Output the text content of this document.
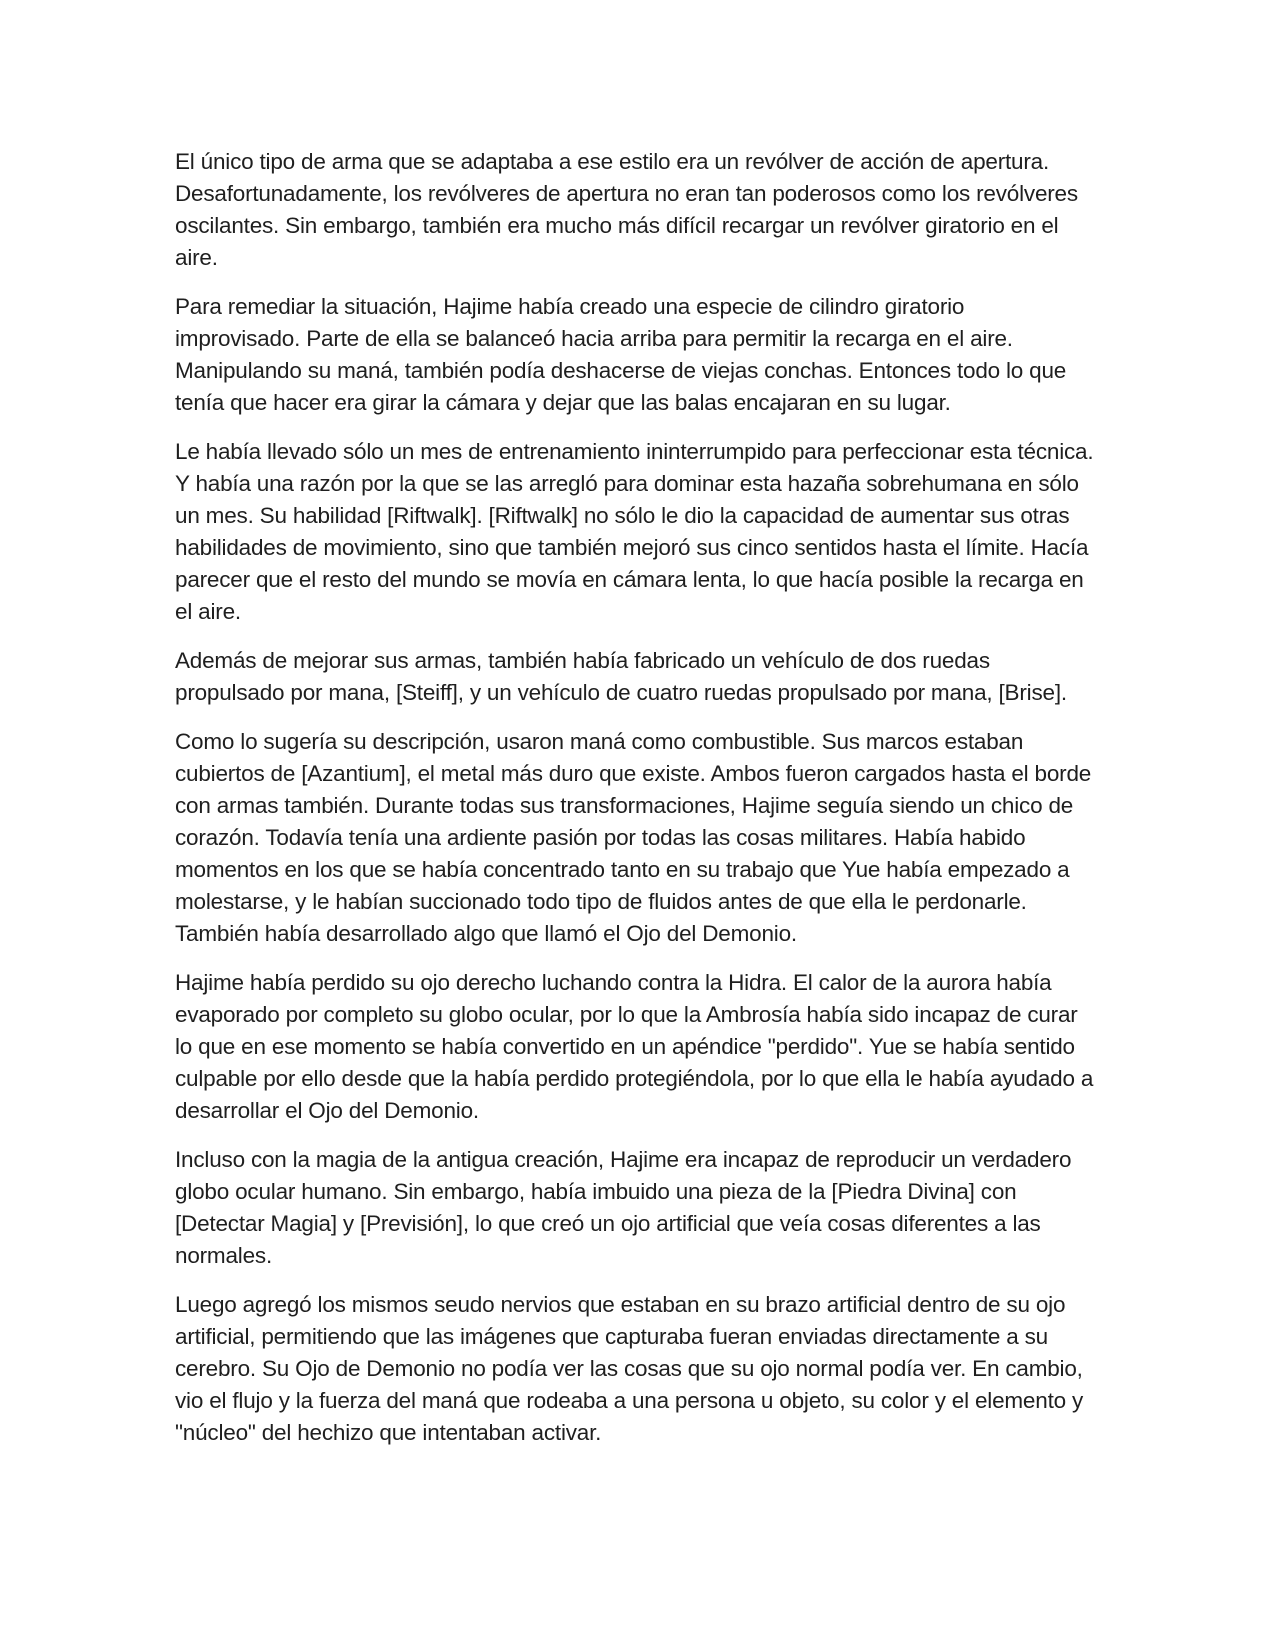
El único tipo de arma que se adaptaba a ese estilo era un revólver de acción de apertura. Desafortunadamente, los revólveres de apertura no eran tan poderosos como los revólveres oscilantes. Sin embargo, también era mucho más difícil recargar un revólver giratorio en el aire.

Para remediar la situación, Hajime había creado una especie de cilindro giratorio improvisado. Parte de ella se balanceó hacia arriba para permitir la recarga en el aire. Manipulando su maná, también podía deshacerse de viejas conchas. Entonces todo lo que tenía que hacer era girar la cámara y dejar que las balas encajaran en su lugar.

Le había llevado sólo un mes de entrenamiento ininterrumpido para perfeccionar esta técnica. Y había una razón por la que se las arregló para dominar esta hazaña sobrehumana en sólo un mes. Su habilidad [Riftwalk]. [Riftwalk] no sólo le dio la capacidad de aumentar sus otras habilidades de movimiento, sino que también mejoró sus cinco sentidos hasta el límite. Hacía parecer que el resto del mundo se movía en cámara lenta, lo que hacía posible la recarga en el aire.

Además de mejorar sus armas, también había fabricado un vehículo de dos ruedas propulsado por mana, [Steiff], y un vehículo de cuatro ruedas propulsado por mana, [Brise].

Como lo sugería su descripción, usaron maná como combustible. Sus marcos estaban cubiertos de [Azantium], el metal más duro que existe. Ambos fueron cargados hasta el borde con armas también. Durante todas sus transformaciones, Hajime seguía siendo un chico de corazón. Todavía tenía una ardiente pasión por todas las cosas militares. Había habido momentos en los que se había concentrado tanto en su trabajo que Yue había empezado a molestarse, y le habían succionado todo tipo de fluidos antes de que ella le perdonarle. También había desarrollado algo que llamó el Ojo del Demonio.

Hajime había perdido su ojo derecho luchando contra la Hidra. El calor de la aurora había evaporado por completo su globo ocular, por lo que la Ambrosía había sido incapaz de curar lo que en ese momento se había convertido en un apéndice "perdido". Yue se había sentido culpable por ello desde que la había perdido protegiéndola, por lo que ella le había ayudado a desarrollar el Ojo del Demonio.

Incluso con la magia de la antigua creación, Hajime era incapaz de reproducir un verdadero globo ocular humano. Sin embargo, había imbuido una pieza de la [Piedra Divina] con [Detectar Magia] y [Previsión], lo que creó un ojo artificial que veía cosas diferentes a las normales.

Luego agregó los mismos seudo nervios que estaban en su brazo artificial dentro de su ojo artificial, permitiendo que las imágenes que capturaba fueran enviadas directamente a su cerebro. Su Ojo de Demonio no podía ver las cosas que su ojo normal podía ver. En cambio, vio el flujo y la fuerza del maná que rodeaba a una persona u objeto, su color y el elemento y "núcleo" del hechizo que intentaban activar.
